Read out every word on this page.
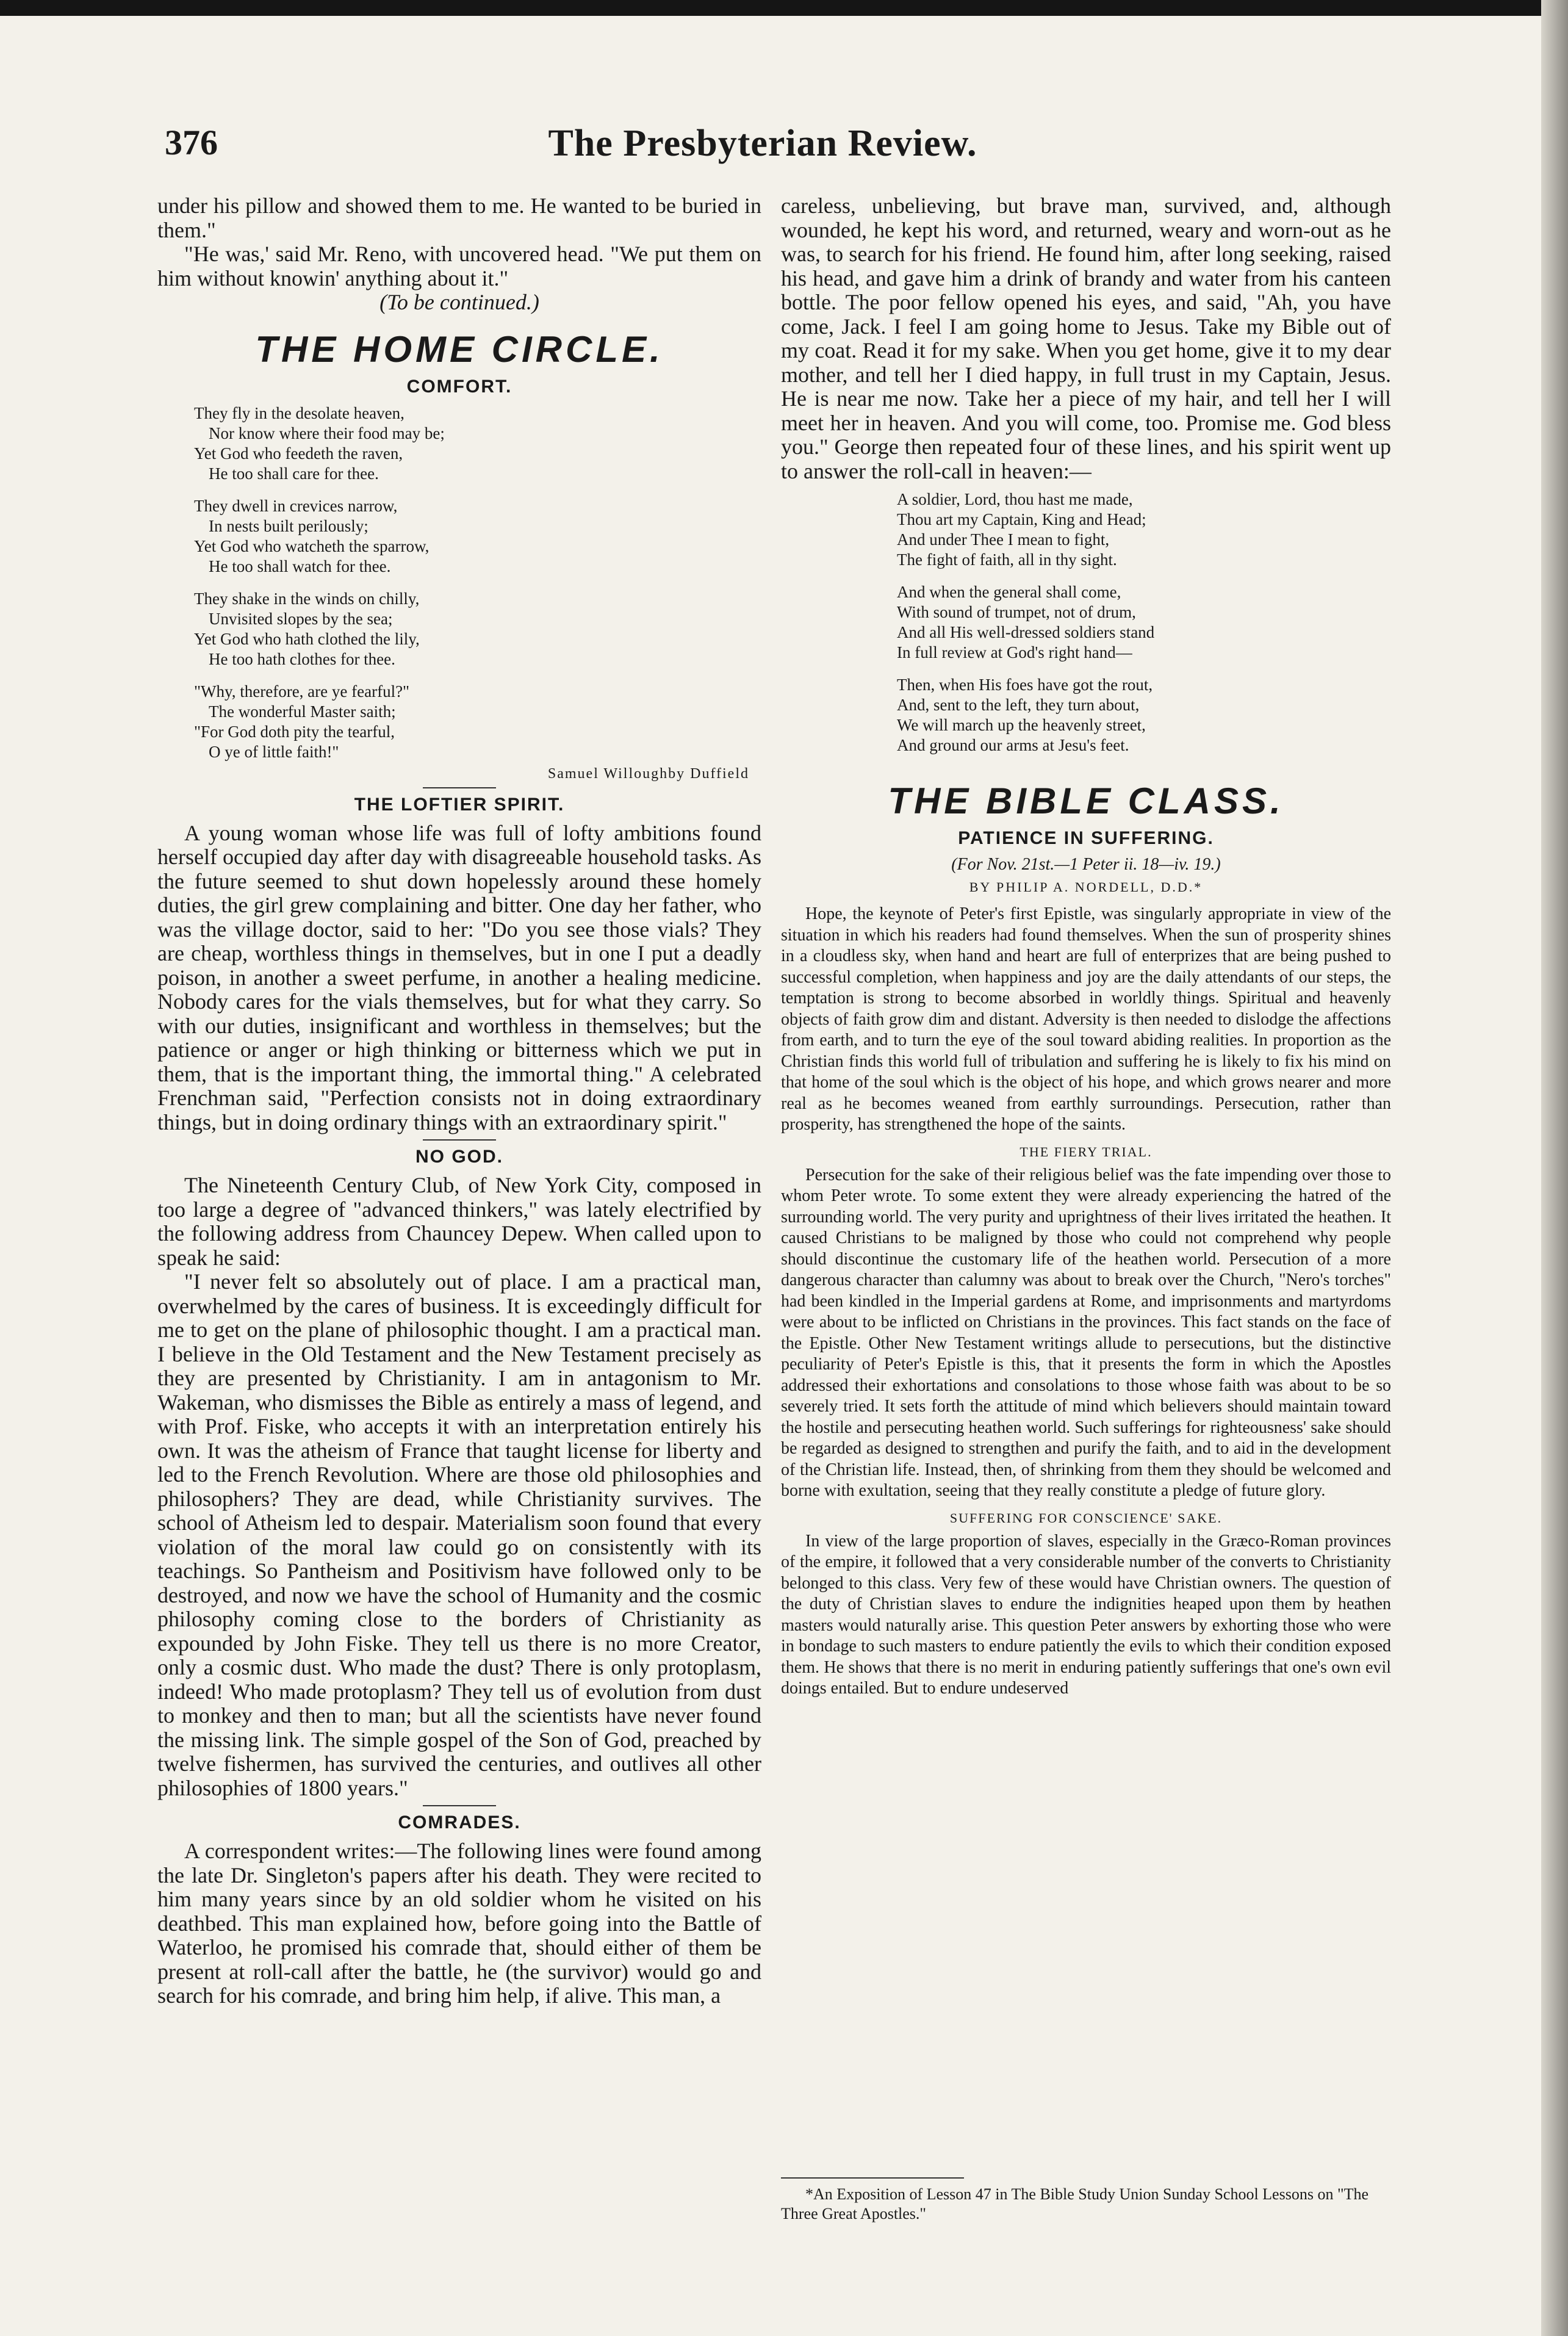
376	The Presbyterian Review.

under his pillow and showed them to me. He wanted to be buried in them."

"He was,' said Mr. Reno, with uncovered head. "We put them on him without knowin' anything about it."

(To be continued.)

THE HOME CIRCLE.
COMFORT.
They fly in the desolate heaven,
Nor know where their food may be;
Yet God who feedeth the raven,
He too shall care for thee.
They dwell in crevices narrow,
In nests built perilously;
Yet God who watcheth the sparrow,
He too shall watch for thee.
They shake in the winds on chilly,
Unvisited slopes by the sea;
Yet God who hath clothed the lily,
He too hath clothes for thee.
"Why, therefore, are ye fearful?"
The wonderful Master saith;
"For God doth pity the tearful,
O ye of little faith!"
Samuel Willoughby Duffield
THE LOFTIER SPIRIT.

A young woman whose life was full of lofty ambitions found herself occupied day after day with disagreeable household tasks. As the future seemed to shut down hopelessly around these homely duties, the girl grew complaining and bitter. One day her father, who was the village doctor, said to her: "Do you see those vials? They are cheap, worthless things in themselves, but in one I put a deadly poison, in another a sweet perfume, in another a healing medicine. Nobody cares for the vials themselves, but for what they carry. So with our duties, insignificant and worthless in themselves; but the patience or anger or high thinking or bitterness which we put in them, that is the important thing, the immortal thing." A celebrated Frenchman said, "Perfection consists not in doing extraordinary things, but in doing ordinary things with an extraordinary spirit."

NO GOD.

The Nineteenth Century Club, of New York City, composed in too large a degree of "advanced thinkers," was lately electrified by the following address from Chauncey Depew. When called upon to speak he said:

"I never felt so absolutely out of place. I am a practical man, overwhelmed by the cares of business. It is exceedingly difficult for me to get on the plane of philosophic thought. I am a practical man. I believe in the Old Testament and the New Testament precisely as they are presented by Christianity. I am in antagonism to Mr. Wakeman, who dismisses the Bible as entirely a mass of legend, and with Prof. Fiske, who accepts it with an interpretation entirely his own. It was the atheism of France that taught license for liberty and led to the French Revolution. Where are those old philosophies and philosophers? They are dead, while Christianity survives. The school of Atheism led to despair. Materialism soon found that every violation of the moral law could go on consistently with its teachings. So Pantheism and Positivism have followed only to be destroyed, and now we have the school of Humanity and the cosmic philosophy coming close to the borders of Christianity as expounded by John Fiske. They tell us there is no more Creator, only a cosmic dust. Who made the dust? There is only protoplasm, indeed! Who made protoplasm? They tell us of evolution from dust to monkey and then to man; but all the scientists have never found the missing link. The simple gospel of the Son of God, preached by twelve fishermen, has survived the centuries, and outlives all other philosophies of 1800 years."

COMRADES.

A correspondent writes:—The following lines were found among the late Dr. Singleton's papers after his death. They were recited to him many years since by an old soldier whom he visited on his deathbed. This man explained how, before going into the Battle of Waterloo, he promised his comrade that, should either of them be present at roll-call after the battle, he (the survivor) would go and search for his comrade, and bring him help, if alive. This man, a

careless, unbelieving, but brave man, survived, and, although wounded, he kept his word, and returned, weary and worn-out as he was, to search for his friend. He found him, after long seeking, raised his head, and gave him a drink of brandy and water from his canteen bottle. The poor fellow opened his eyes, and said, "Ah, you have come, Jack. I feel I am going home to Jesus. Take my Bible out of my coat. Read it for my sake. When you get home, give it to my dear mother, and tell her I died happy, in full trust in my Captain, Jesus. He is near me now. Take her a piece of my hair, and tell her I will meet her in heaven. And you will come, too. Promise me. God bless you." George then repeated four of these lines, and his spirit went up to answer the roll-call in heaven:—

A soldier, Lord, thou hast me made,
Thou art my Captain, King and Head;
And under Thee I mean to fight,
The fight of faith, all in thy sight.
And when the general shall come,
With sound of trumpet, not of drum,
And all His well-dressed soldiers stand
In full review at God's right hand—
Then, when His foes have got the rout,
And, sent to the left, they turn about,
We will march up the heavenly street,
And ground our arms at Jesu's feet.
THE BIBLE CLASS.
PATIENCE IN SUFFERING.
(For Nov. 21st.—1 Peter ii. 18—iv. 19.)
BY PHILIP A. NORDELL, D.D.*

Hope, the keynote of Peter's first Epistle, was singularly appropriate in view of the situation in which his readers had found themselves. When the sun of prosperity shines in a cloudless sky, when hand and heart are full of enterprizes that are being pushed to successful completion, when happiness and joy are the daily attendants of our steps, the temptation is strong to become absorbed in worldly things. Spiritual and heavenly objects of faith grow dim and distant. Adversity is then needed to dislodge the affections from earth, and to turn the eye of the soul toward abiding realities. In proportion as the Christian finds this world full of tribulation and suffering he is likely to fix his mind on that home of the soul which is the object of his hope, and which grows nearer and more real as he becomes weaned from earthly surroundings. Persecution, rather than prosperity, has strengthened the hope of the saints.

THE FIERY TRIAL.

Persecution for the sake of their religious belief was the fate impending over those to whom Peter wrote. To some extent they were already experiencing the hatred of the surrounding world. The very purity and uprightness of their lives irritated the heathen. It caused Christians to be maligned by those who could not comprehend why people should discontinue the customary life of the heathen world. Persecution of a more dangerous character than calumny was about to break over the Church, "Nero's torches" had been kindled in the Imperial gardens at Rome, and imprisonments and martyrdoms were about to be inflicted on Christians in the provinces. This fact stands on the face of the Epistle. Other New Testament writings allude to persecutions, but the distinctive peculiarity of Peter's Epistle is this, that it presents the form in which the Apostles addressed their exhortations and consolations to those whose faith was about to be so severely tried. It sets forth the attitude of mind which believers should maintain toward the hostile and persecuting heathen world. Such sufferings for righteousness' sake should be regarded as designed to strengthen and purify the faith, and to aid in the development of the Christian life. Instead, then, of shrinking from them they should be welcomed and borne with exultation, seeing that they really constitute a pledge of future glory.

SUFFERING FOR CONSCIENCE' SAKE.

In view of the large proportion of slaves, especially in the Græco-Roman provinces of the empire, it followed that a very considerable number of the converts to Christianity belonged to this class. Very few of these would have Christian owners. The question of the duty of Christian slaves to endure the indignities heaped upon them by heathen masters would naturally arise. This question Peter answers by exhorting those who were in bondage to such masters to endure patiently the evils to which their condition exposed them. He shows that there is no merit in enduring patiently sufferings that one's own evil doings entailed. But to endure undeserved

*An Exposition of Lesson 47 in The Bible Study Union Sunday School Lessons on "The Three Great Apostles."
